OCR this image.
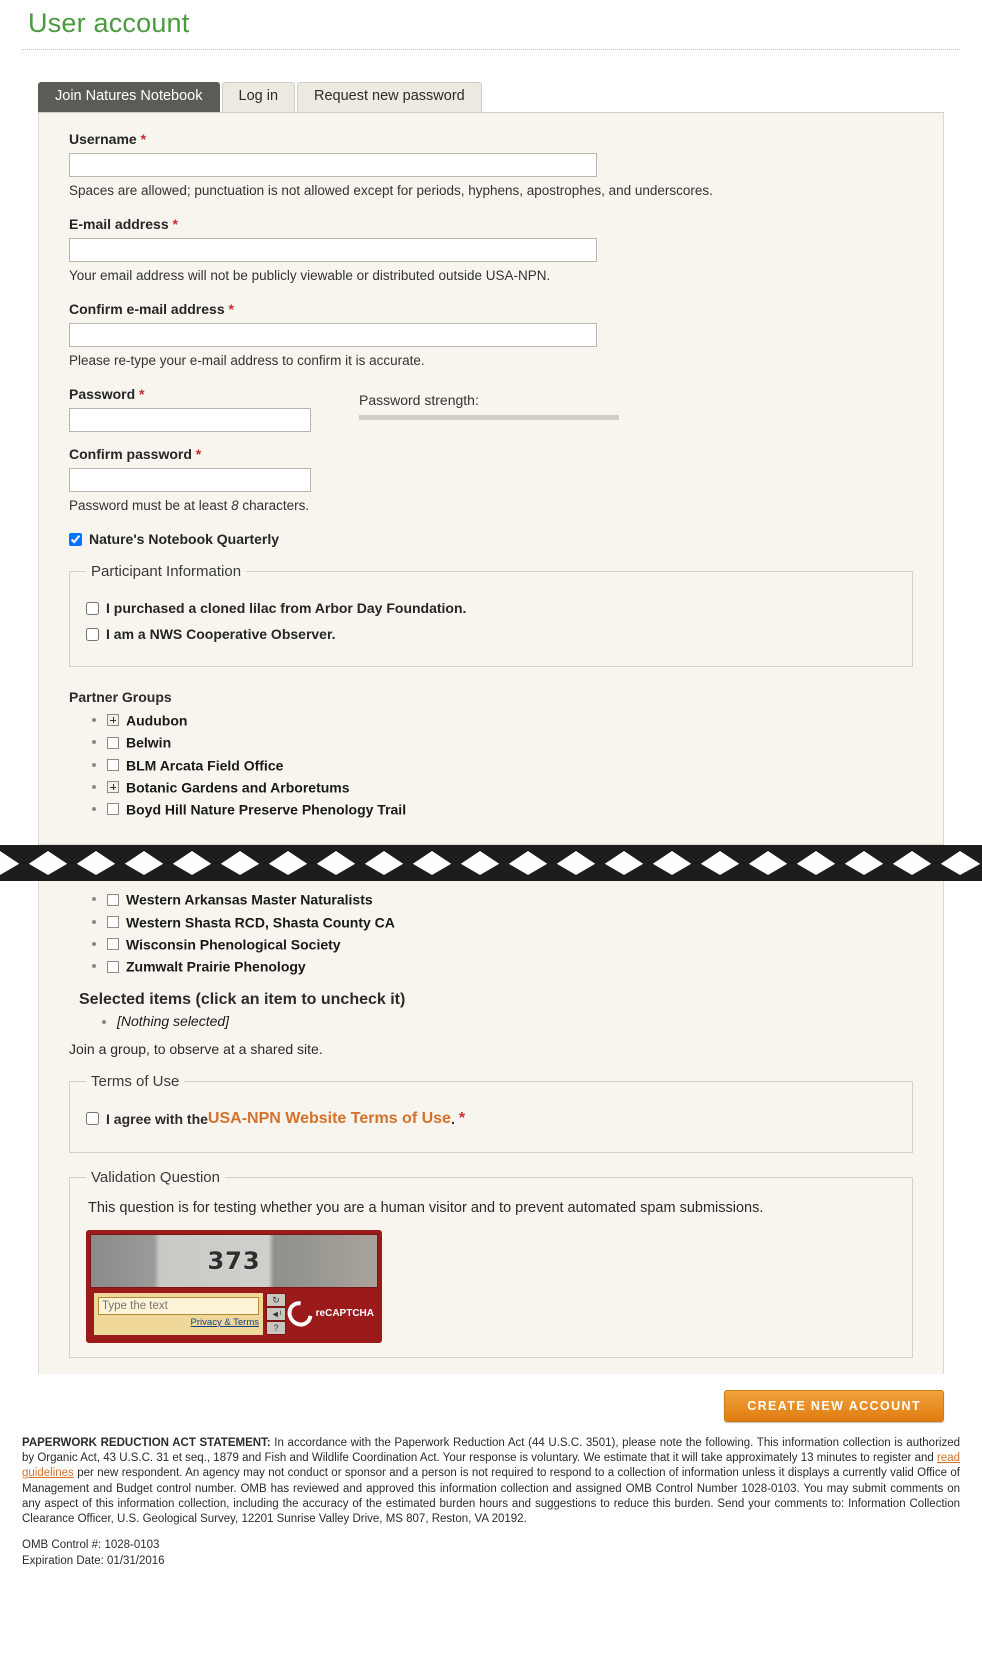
User account
Join Natures Notebook	Log in	Request new password
Username *
Spaces are allowed; punctuation is not allowed except for periods, hyphens, apostrophes, and underscores.
E-mail address *
Your email address will not be publicly viewable or distributed outside USA-NPN.
Confirm e-mail address *
Please re-type your e-mail address to confirm it is accurate.
Password *	Password strength:
Confirm password *
Password must be at least 8 characters.
Nature's Notebook Quarterly
Participant Information
I purchased a cloned lilac from Arbor Day Foundation.
I am a NWS Cooperative Observer.
Partner Groups
• Audubon
• Belwin
• BLM Arcata Field Office
• Botanic Gardens and Arboretums
• Boyd Hill Nature Preserve Phenology Trail
• Western Arkansas Master Naturalists
• Western Shasta RCD, Shasta County CA
• Wisconsin Phenological Society
• Zumwalt Prairie Phenology
Selected items (click an item to uncheck it)
• [Nothing selected]
Join a group, to observe at a shared site.
Terms of Use
I agree with the USA-NPN Website Terms of Use . *
Validation Question
This question is for testing whether you are a human visitor and to prevent automated spam submissions.
373
Type the text
Privacy & Terms
↻
◄ᴵ
?
reCAPTCHA
CREATE NEW ACCOUNT
PAPERWORK REDUCTION ACT STATEMENT: In accordance with the Paperwork Reduction Act (44 U.S.C. 3501), please note the following. This information collection is authorized by Organic Act, 43 U.S.C. 31 et seq., 1879 and Fish and Wildlife Coordination Act. Your response is voluntary. We estimate that it will take approximately 13 minutes to register and read guidelines per new respondent. An agency may not conduct or sponsor and a person is not required to respond to a collection of information unless it displays a currently valid Office of Management and Budget control number. OMB has reviewed and approved this information collection and assigned OMB Control Number 1028-0103. You may submit comments on any aspect of this information collection, including the accuracy of the estimated burden hours and suggestions to reduce this burden. Send your comments to: Information Collection Clearance Officer, U.S. Geological Survey, 12201 Sunrise Valley Drive, MS 807, Reston, VA 20192.
OMB Control #: 1028-0103
Expiration Date: 01/31/2016
